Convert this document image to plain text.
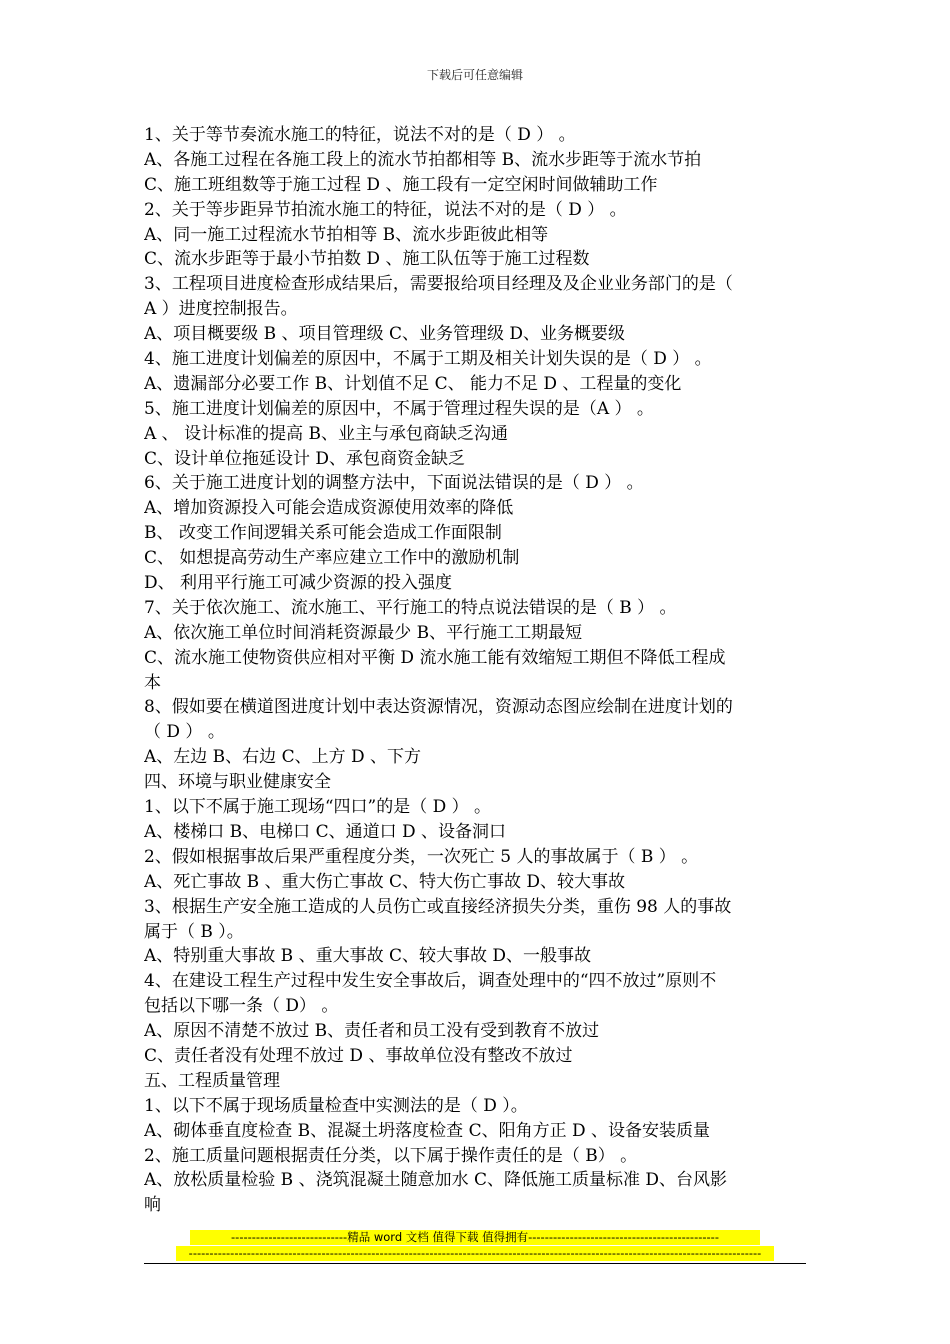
下载后可任意编辑
1、关于等节奏流水施工的特征，说法不对的是（ D ） 。
A、各施工过程在各施工段上的流水节拍都相等 B、流水步距等于流水节拍
C、施工班组数等于施工过程 D 、施工段有一定空闲时间做辅助工作
2、关于等步距异节拍流水施工的特征，说法不对的是（ D ） 。
A、同一施工过程流水节拍相等 B、流水步距彼此相等
C、流水步距等于最小节拍数 D 、施工队伍等于施工过程数
3、工程项目进度检查形成结果后，需要报给项目经理及及企业业务部门的是（
A ）进度控制报告。
A、项目概要级 B 、项目管理级 C、业务管理级 D、业务概要级
4、施工进度计划偏差的原因中，不属于工期及相关计划失误的是（ D ） 。
A、遗漏部分必要工作 B、计划值不足 C、 能力不足 D 、工程量的变化
5、施工进度计划偏差的原因中，不属于管理过程失误的是（A ） 。
A 、 设计标准的提高 B、业主与承包商缺乏沟通
C、设计单位拖延设计 D、承包商资金缺乏
6、关于施工进度计划的调整方法中，下面说法错误的是（ D ） 。
A、增加资源投入可能会造成资源使用效率的降低
B、 改变工作间逻辑关系可能会造成工作面限制
C、 如想提高劳动生产率应建立工作中的激励机制
D、 利用平行施工可减少资源的投入强度
7、关于依次施工、流水施工、平行施工的特点说法错误的是（ B ） 。
A、依次施工单位时间消耗资源最少 B、平行施工工期最短
C、流水施工使物资供应相对平衡 D 流水施工能有效缩短工期但不降低工程成
本
8、假如要在横道图进度计划中表达资源情况，资源动态图应绘制在进度计划的
（ D ） 。
A、左边 B、右边 C、上方 D 、下方
四、环境与职业健康安全
1、以下不属于施工现场“四口”的是（ D ） 。
A、楼梯口 B、电梯口 C、通道口 D 、设备洞口
2、假如根据事故后果严重程度分类，一次死亡 5 人的事故属于（ B ） 。
A、死亡事故 B 、重大伤亡事故 C、特大伤亡事故 D、较大事故
3、根据生产安全施工造成的人员伤亡或直接经济损失分类，重伤 98 人的事故
属于（ B ）。
A、特别重大事故 B 、重大事故 C、较大事故 D、一般事故
4、在建设工程生产过程中发生安全事故后，调查处理中的“四不放过”原则不
包括以下哪一条（ D） 。
A、原因不清楚不放过 B、责任者和员工没有受到教育不放过
C、责任者没有处理不放过 D 、事故单位没有整改不放过
五、工程质量管理
1、以下不属于现场质量检查中实测法的是（ D ）。
A、砌体垂直度检查 B、混凝土坍落度检查 C、阳角方正 D 、设备安装质量
2、施工质量问题根据责任分类，以下属于操作责任的是（ B） 。
A、放松质量检验 B 、浇筑混凝土随意加水 C、降低施工质量标准 D、台风影
响
----------------------------精品 word 文档 值得下载 值得拥有----------------------------------------------
------------------------------------------------------------------------------------------------------------------------------------------
